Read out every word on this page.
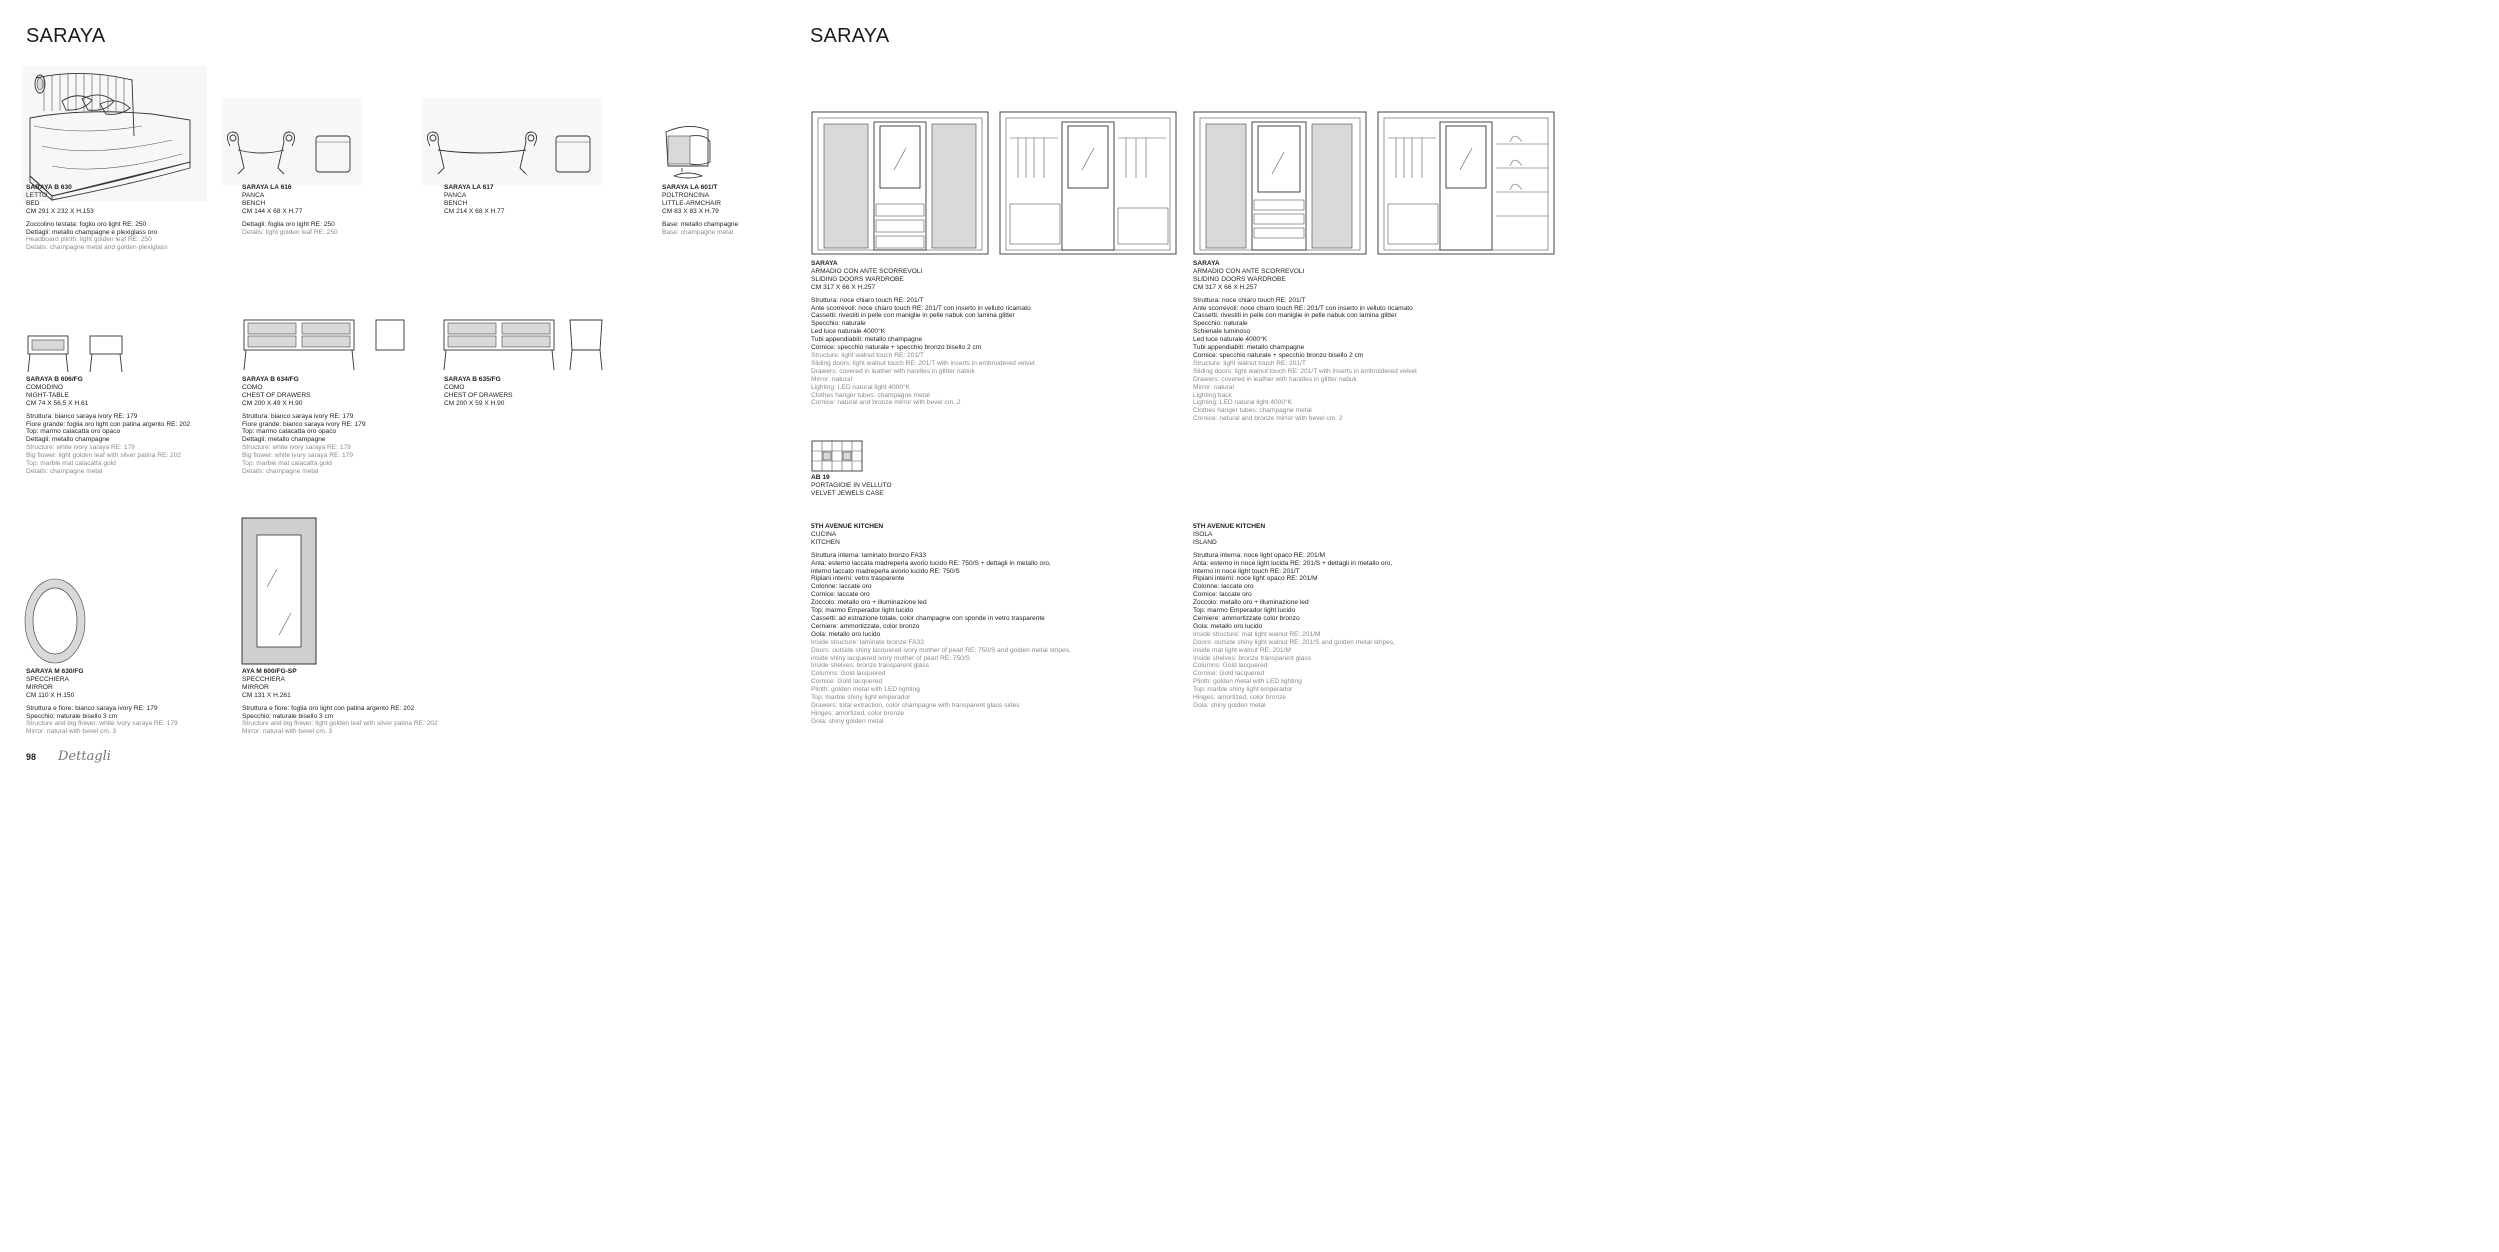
SARAYA
SARAYA B 630
LETTO
BED
CM 291 X 232 X H.153
Zoccolino testata: foglio oro light RE: 250
Dettagli: metallo champagne e plexiglass oro
Headboard plinth: light golden leaf RE: 250
Details: champagne metal and golden plexiglass
SARAYA LA 616
PANCA
BENCH
CM 144 X 68 X H.77
Dettagli: foglia oro light RE: 250
Details: light golden leaf RE: 250
SARAYA LA 617
PANCA
BENCH
CM 214 X 68 X H.77
SARAYA LA 601/T
POLTRONCINA
LITTLE-ARMCHAIR
CM 83 X 83 X H.79
Base: metallo champagne
Base: champagne metal
SARAYA B 606/FG
COMODINO
NIGHT-TABLE
CM 74 X 56,5 X H.61
Struttura: bianco saraya ivory RE: 179
Fiore grande: foglia oro light con patina argento RE: 202
Top: marmo calacatta oro opaco
Dettagli: metallo champagne
Structure: white ivory saraya RE: 179
Big flower: light golden leaf with silver patina RE: 202
Top: marble mat calacatta gold
Details: champagne metal
SARAYA B 634/FG
COMO
CHEST OF DRAWERS
CM 200 X 49 X H.90
Struttura: bianco saraya ivory RE: 179
Fiore grande: bianco saraya ivory RE: 179
Top: marmo calacatta oro opaco
Dettagli: metallo champagne
Structure: white ivory saraya RE: 179
Big flower: white ivory saraya RE: 179
Top: marble mat calacatta gold
Details: champagne metal
SARAYA B 635/FG
COMO
CHEST OF DRAWERS
CM 200 X 59 X H.90
SARAYA M 630/FG
SPECCHIERA
MIRROR
CM 110 X H.150
Struttura e fiore: bianco saraya ivory RE: 179
Specchio: naturale bisello 3 cm
Structure and big flower: white ivory saraya RE: 179
Mirror: natural with bevel cm. 3
AYA M 600/FG-SP
SPECCHIERA
MIRROR
CM 131 X H.261
Struttura e fiore: foglia oro light con patina argento RE: 202
Specchio: naturale bisello 3 cm
Structure and big flower: light golden leaf with silver patina RE: 202
Mirror: natural with bevel cm. 3
98 Dettagli
SARAYA
SARAYA
ARMADIO CON ANTE SCORREVOLI
SLIDING DOORS WARDROBE
CM 317 X 66 X H.257
Struttura: noce chiaro touch RE: 201/T
Ante scorrevoli: noce chiaro touch RE: 201/T con inserto in velluto ricamato
Cassetti: rivestiti in pelle con maniglie in pelle nabuk con lamina glitter
Specchio: naturale
Led luce naturale 4000°K
Tubi appendiabiti: metallo champagne
Cornice: specchio naturale + specchio bronzo bisello 2 cm
Structure: light walnut touch RE: 201/T
Sliding doors: light walnut touch RE: 201/T with inserts in embroidered velvet
Drawers: covered in leather with handles in glitter nabuk
Mirror: natural
Lighting: LED natural light 4000°K
Clothes hanger tubes: champagne metal
Cornice: natural and bronze mirror with bevel cm. 2
SARAYA
ARMADIO CON ANTE SCORREVOLI
SLIDING DOORS WARDROBE
CM 317 X 66 X H.257
Struttura: noce chiaro touch RE: 201/T
Ante scorrevoli: noce chiaro touch RE: 201/T con inserto in velluto ricamato
Cassetti: rivestiti in pelle con maniglie in pelle nabuk con lamina glitter
Specchio: naturale
Schienale luminoso
Led luce naturale 4000°K
Tubi appendiabiti: metallo champagne
Cornice: specchio naturale + specchio bronzo bisello 2 cm
Structure: light walnut touch RE: 201/T
Sliding doors: light walnut touch RE: 201/T with inserts in embroidered velvet
Drawers: covered in leather with handles in glitter nabuk
Mirror: natural
Lighting back
Lighting: LED natural light 4000°K
Clothes hanger tubes: champagne metal
Cornice: natural and bronze mirror with bevel cm. 2
AB 19
PORTAGIOIE IN VELLUTO
VELVET JEWELS CASE
5TH AVENUE KITCHEN
CUCINA
KITCHEN
Struttura interna: laminato bronzo FA33
Anta: esterno laccata madreperla avorio lucido RE: 750/S + dettagli in metallo oro,
interno laccato madreperla avorio lucido RE: 750/S
Ripiani interni: vetro trasparente
Colonne: laccate oro
Cornice: laccate oro
Zoccolo: metallo oro + illuminazione led
Top: marmo Emperador light lucido
Cassetti: ad estrazione totale, color champagne con sponde in vetro trasparente
Cerniere: ammortizzate, color bronzo
Gola: metallo oro lucido
Inside structure: laminate bronze FA33
Doors: outside shiny lacquered ivory mother of pearl RE: 750/S and golden metal stripes,
inside shiny lacquered ivory mother of pearl RE: 750/S
Inside shelves: bronze transparent glass
Columns: Gold lacquered
Cornice: Gold lacquered
Plinth: golden metal with LED lighting
Top: marble shiny light emperador
Drawers: total extraction, color champagne with transparent glass sides
Hinges: amortized, color bronze
Gola: shiny golden metal
5TH AVENUE KITCHEN
ISOLA
ISLAND
Struttura interna: noce light opaco RE: 201/M
Anta: esterno in noce light lucida RE: 201/S + dettagli in metallo oro,
interno in noce light touch RE: 201/T
Ripiani interni: noce light opaco RE: 201/M
Colonne: laccate oro
Cornice: laccate oro
Zoccolo: metallo oro + illuminazione led
Top: marmo Emperador light lucido
Cerniere: ammortizzate color bronzo
Gola: metallo oro lucido
Inside structure: mat light walnut RE: 201/M
Doors: outside shiny light walnut RE: 201/S and golden metal stripes,
inside mat light walnut RE: 201/M
Inside shelves: bronze transparent glass
Columns: Gold lacquered
Cornice: Gold lacquered
Plinth: golden metal with LED lighting
Top: marble shiny light emperador
Hinges: amortized, color bronze
Gola: shiny golden metal
